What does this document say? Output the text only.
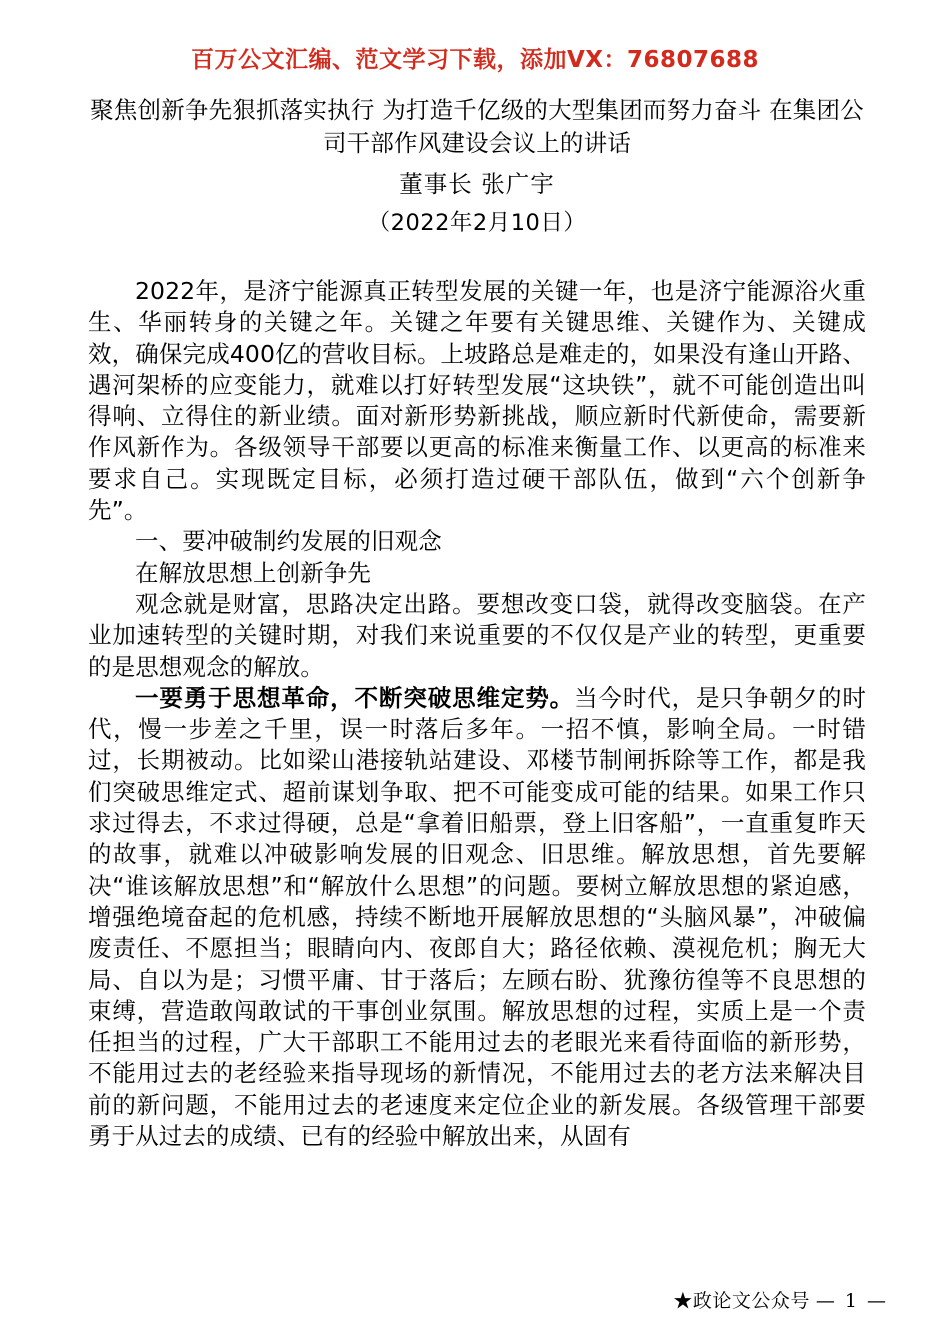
百万公文汇编、范文学习下载，添加VX：76807688
聚焦创新争先狠抓落实执行 为打造千亿级的大型集团而努力奋斗 在集团公司干部作风建设会议上的讲话
董事长 张广宇
（2022年2月10日）

2022年，是济宁能源真正转型发展的关键一年，也是济宁能源浴火重生、华丽转身的关键之年。关键之年要有关键思维、关键作为、关键成效，确保完成400亿的营收目标。上坡路总是难走的，如果没有逢山开路、遇河架桥的应变能力，就难以打好转型发展“这块铁”，就不可能创造出叫得响、立得住的新业绩。面对新形势新挑战，顺应新时代新使命，需要新作风新作为。各级领导干部要以更高的标准来衡量工作、以更高的标准来要求自己。实现既定目标，必须打造过硬干部队伍，做到“六个创新争先”。

一、要冲破制约发展的旧观念

在解放思想上创新争先

观念就是财富，思路决定出路。要想改变口袋，就得改变脑袋。在产业加速转型的关键时期，对我们来说重要的不仅仅是产业的转型，更重要的是思想观念的解放。

一要勇于思想革命，不断突破思维定势。当今时代，是只争朝夕的时代，慢一步差之千里，误一时落后多年。一招不慎，影响全局。一时错过，长期被动。比如梁山港接轨站建设、邓楼节制闸拆除等工作，都是我们突破思维定式、超前谋划争取、把不可能变成可能的结果。如果工作只求过得去，不求过得硬，总是“拿着旧船票，登上旧客船”，一直重复昨天的故事，就难以冲破影响发展的旧观念、旧思维。解放思想，首先要解决“谁该解放思想”和“解放什么思想”的问题。要树立解放思想的紧迫感，增强绝境奋起的危机感，持续不断地开展解放思想的“头脑风暴”，冲破偏废责任、不愿担当；眼睛向内、夜郎自大；路径依赖、漠视危机；胸无大局、自以为是；习惯平庸、甘于落后；左顾右盼、犹豫彷徨等不良思想的束缚，营造敢闯敢试的干事创业氛围。解放思想的过程，实质上是一个责任担当的过程，广大干部职工不能用过去的老眼光来看待面临的新形势，不能用过去的老经验来指导现场的新情况，不能用过去的老方法来解决目前的新问题，不能用过去的老速度来定位企业的新发展。各级管理干部要勇于从过去的成绩、已有的经验中解放出来，从固有

★政论文公众号 — 1 —
